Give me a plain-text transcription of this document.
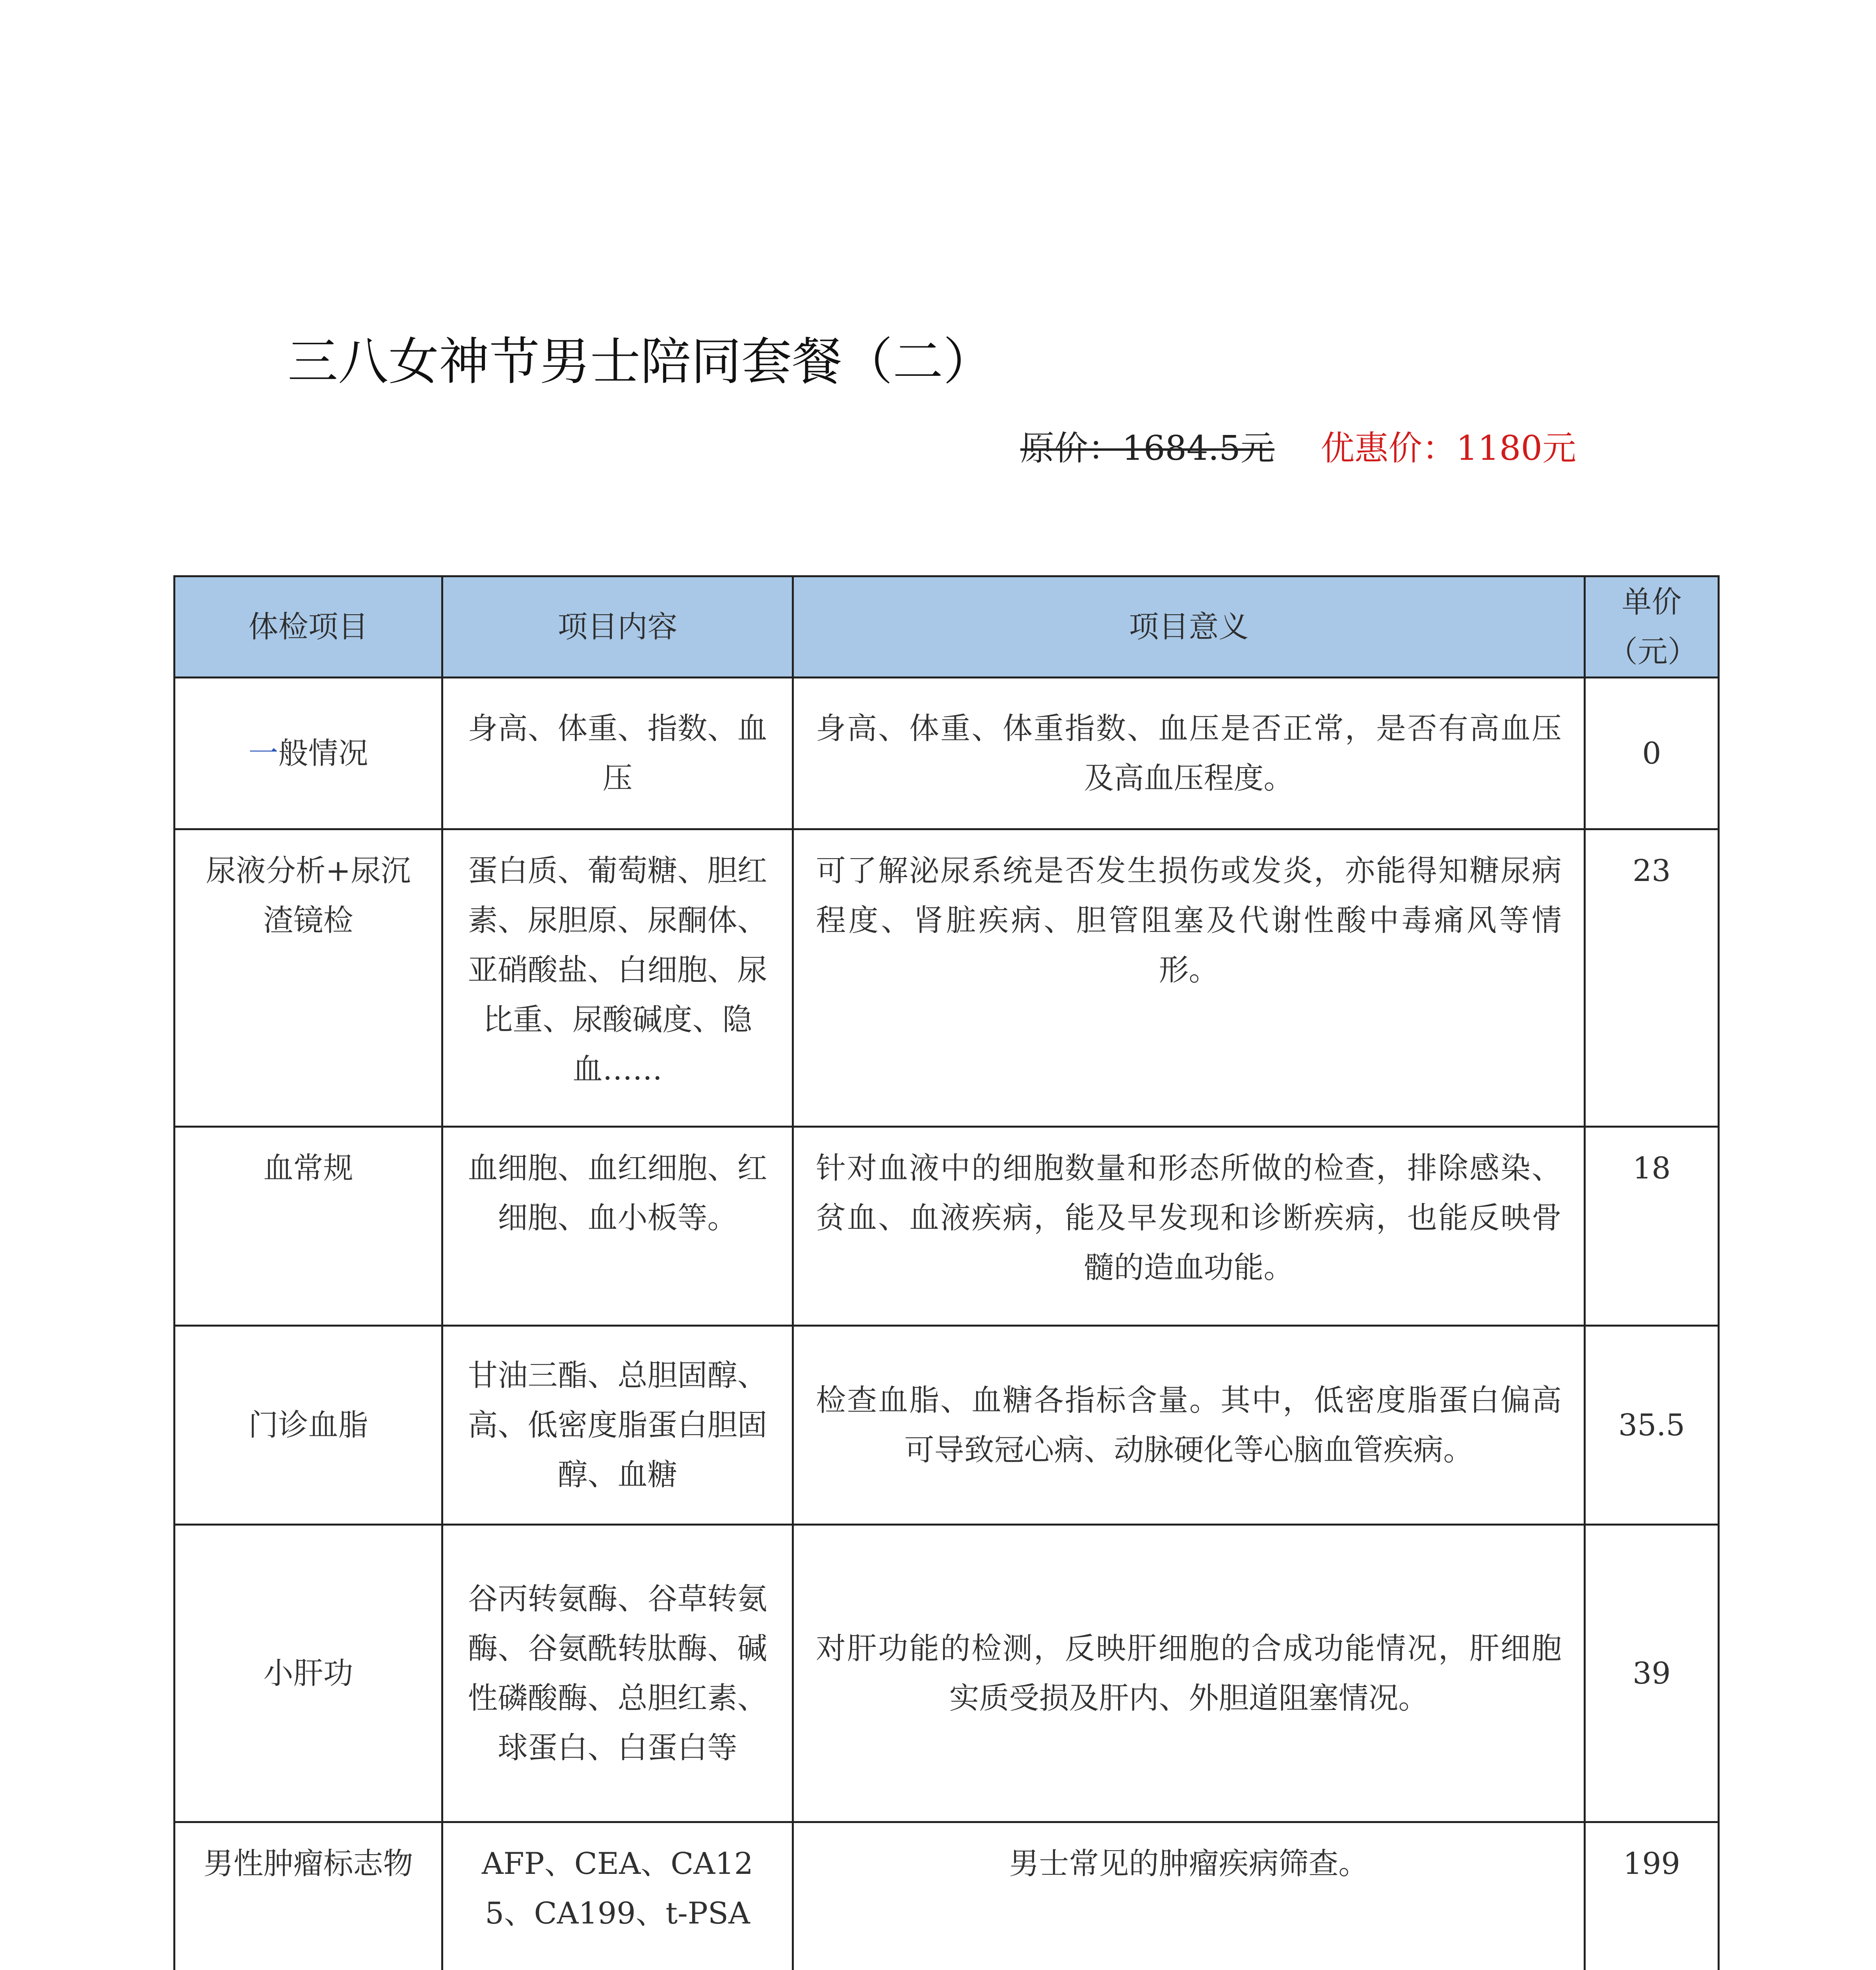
三八女神节男士陪同套餐（二）
原价：1684.5元 优惠价：1180元
体检项目	项目内容	项目意义	单价（元）
一般情况	身高、体重、指数、血压	身高、体重、体重指数、血压是否正常，是否有高血压及高血压程度。	0
尿液分析+尿沉渣镜检	蛋白质、葡萄糖、胆红素、尿胆原、尿酮体、亚硝酸盐、白细胞、尿比重、尿酸碱度、隐血……	可了解泌尿系统是否发生损伤或发炎，亦能得知糖尿病程度、肾脏疾病、胆管阻塞及代谢性酸中毒痛风等情形。	23
血常规	血细胞、血红细胞、红细胞、血小板等。	针对血液中的细胞数量和形态所做的检查，排除感染、贫血、血液疾病，能及早发现和诊断疾病，也能反映骨髓的造血功能。	18
门诊血脂	甘油三酯、总胆固醇、高、低密度脂蛋白胆固醇、血糖	检查血脂、血糖各指标含量。其中，低密度脂蛋白偏高可导致冠心病、动脉硬化等心脑血管疾病。	35.5
小肝功	谷丙转氨酶、谷草转氨酶、谷氨酰转肽酶、碱性磷酸酶、总胆红素、球蛋白、白蛋白等	对肝功能的检测，反映肝细胞的合成功能情况，肝细胞实质受损及肝内、外胆道阻塞情况。	39
男性肿瘤标志物	AFP、CEA、CA125、CA199、t-PSA	男士常见的肿瘤疾病筛查。	199
